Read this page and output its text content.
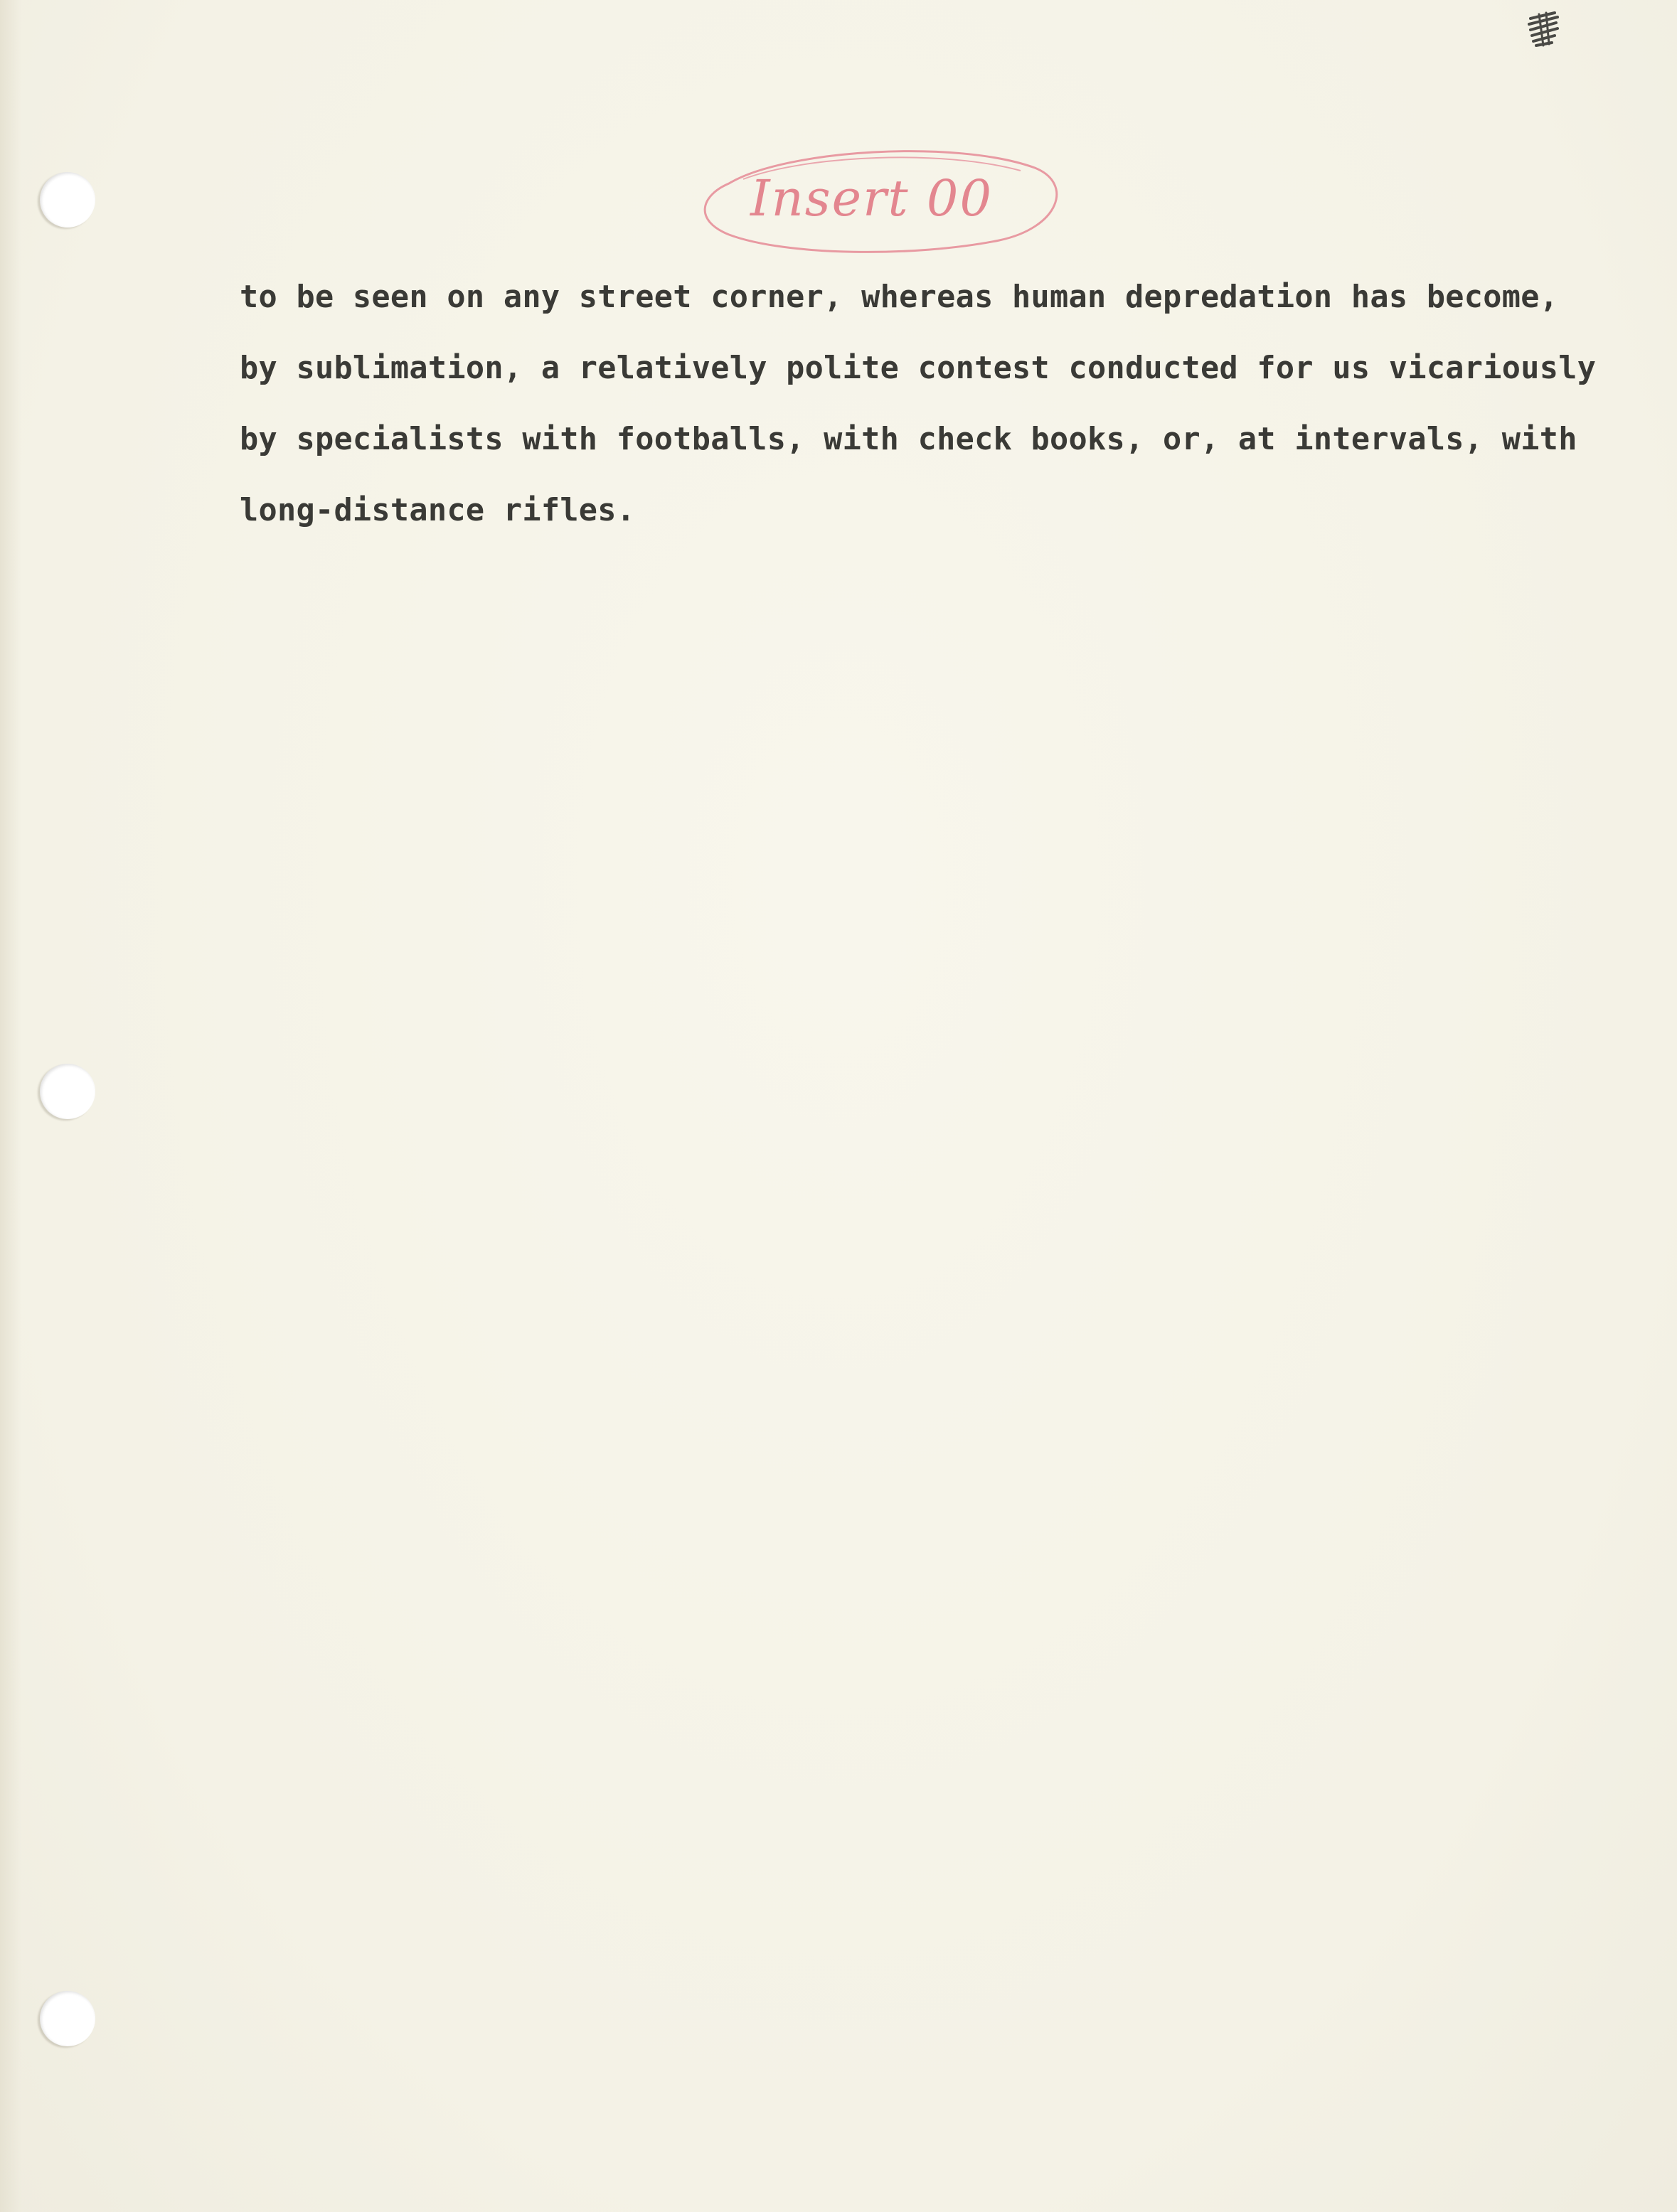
Insert 00
to be seen on any street corner, whereas human depredation has become,
by sublimation, a relatively polite contest conducted for us vicariously
by specialists with footballs, with check books, or, at intervals, with
long-distance rifles.
